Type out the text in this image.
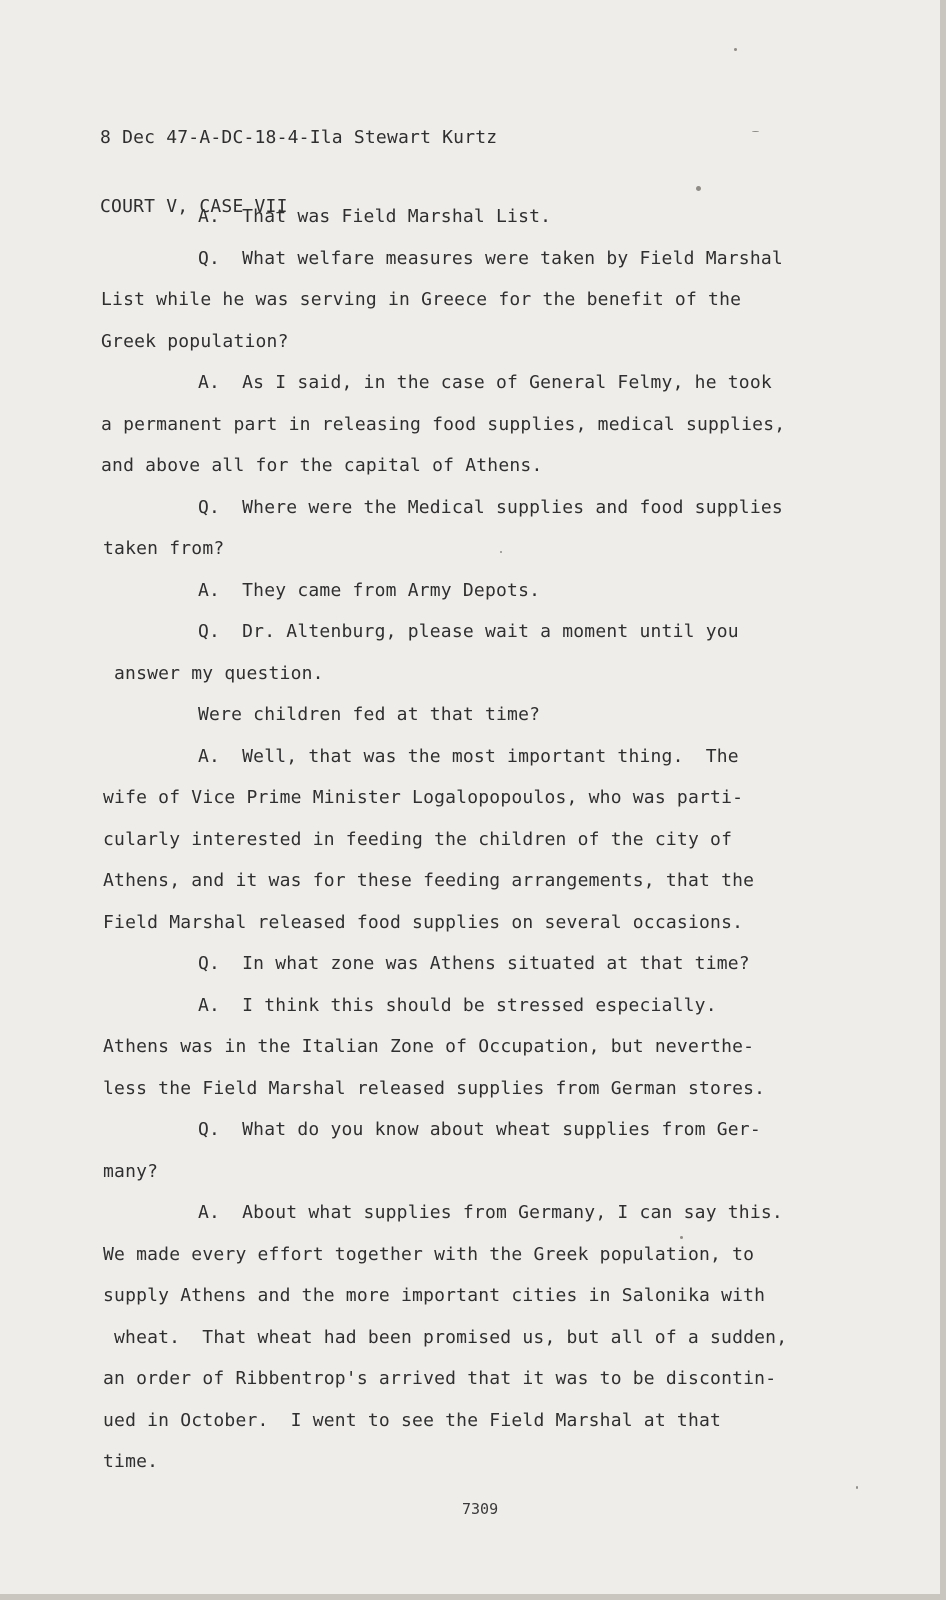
8 Dec 47-A-DC-18-4-Ila Stewart Kurtz

COURT V, CASE VII

A.  That was Field Marshal List.
Q.  What welfare measures were taken by Field Marshal
List while he was serving in Greece for the benefit of the
Greek population?
A.  As I said, in the case of General Felmy, he took
a permanent part in releasing food supplies, medical supplies,
and above all for the capital of Athens.
Q.  Where were the Medical supplies and food supplies
taken from?
A.  They came from Army Depots.
Q.  Dr. Altenburg, please wait a moment until you
answer my question.
Were children fed at that time?
A.  Well, that was the most important thing.  The
wife of Vice Prime Minister Logalopopoulos, who was parti-
cularly interested in feeding the children of the city of
Athens, and it was for these feeding arrangements, that the
Field Marshal released food supplies on several occasions.
Q.  In what zone was Athens situated at that time?
A.  I think this should be stressed especially.
Athens was in the Italian Zone of Occupation, but neverthe-
less the Field Marshal released supplies from German stores.
Q.  What do you know about wheat supplies from Ger-
many?
A.  About what supplies from Germany, I can say this.
We made every effort together with the Greek population, to
supply Athens and the more important cities in Salonika with
wheat.  That wheat had been promised us, but all of a sudden,
an order of Ribbentrop's arrived that it was to be discontin-
ued in October.  I went to see the Field Marshal at that
time.
7309
